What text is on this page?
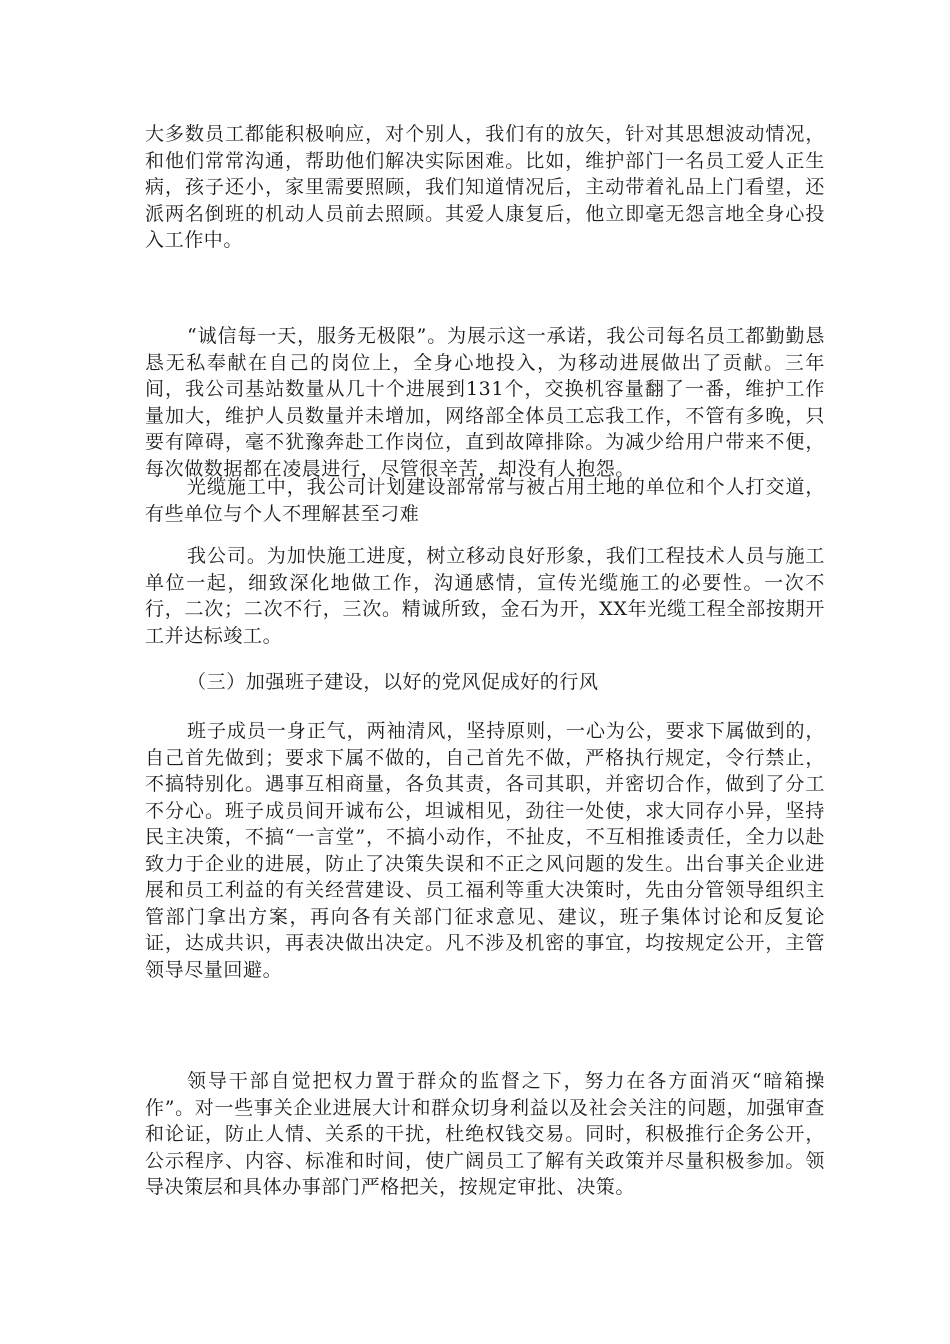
大多数员工都能积极响应，对个别人，我们有的放矢，针对其思想波动情况，和他们常常沟通，帮助他们解决实际困难。比如，维护部门一名员工爱人正生病，孩子还小，家里需要照顾，我们知道情况后，主动带着礼品上门看望，还派两名倒班的机动人员前去照顾。其爱人康复后，他立即毫无怨言地全身心投入工作中。

“诚信每一天，服务无极限”。为展示这一承诺，我公司每名员工都勤勤恳恳无私奉献在自己的岗位上，全身心地投入，为移动进展做出了贡献。三年间，我公司基站数量从几十个进展到131个，交换机容量翻了一番，维护工作量加大，维护人员数量并未增加，网络部全体员工忘我工作，不管有多晚，只要有障碍，毫不犹豫奔赴工作岗位，直到故障排除。为减少给用户带来不便，每次做数据都在凌晨进行，尽管很辛苦，却没有人抱怨。

光缆施工中，我公司计划建设部常常与被占用土地的单位和个人打交道，有些单位与个人不理解甚至刁难

我公司。为加快施工进度，树立移动良好形象，我们工程技术人员与施工单位一起，细致深化地做工作，沟通感情，宣传光缆施工的必要性。一次不行，二次；二次不行，三次。精诚所致，金石为开，XX年光缆工程全部按期开工并达标竣工。

（三）加强班子建设，以好的党风促成好的行风

班子成员一身正气，两袖清风，坚持原则，一心为公，要求下属做到的，自己首先做到；要求下属不做的，自己首先不做，严格执行规定，令行禁止，不搞特别化。遇事互相商量，各负其责，各司其职，并密切合作，做到了分工不分心。班子成员间开诚布公，坦诚相见，劲往一处使，求大同存小异，坚持民主决策，不搞“一言堂”，不搞小动作，不扯皮，不互相推诿责任，全力以赴致力于企业的进展，防止了决策失误和不正之风问题的发生。出台事关企业进展和员工利益的有关经营建设、员工福利等重大决策时，先由分管领导组织主管部门拿出方案，再向各有关部门征求意见、建议，班子集体讨论和反复论证，达成共识，再表决做出决定。凡不涉及机密的事宜，均按规定公开，主管领导尽量回避。

领导干部自觉把权力置于群众的监督之下，努力在各方面消灭“暗箱操作”。对一些事关企业进展大计和群众切身利益以及社会关注的问题，加强审查和论证，防止人情、关系的干扰，杜绝权钱交易。同时，积极推行企务公开，公示程序、内容、标准和时间，使广阔员工了解有关政策并尽量积极参加。领导决策层和具体办事部门严格把关，按规定审批、决策。
